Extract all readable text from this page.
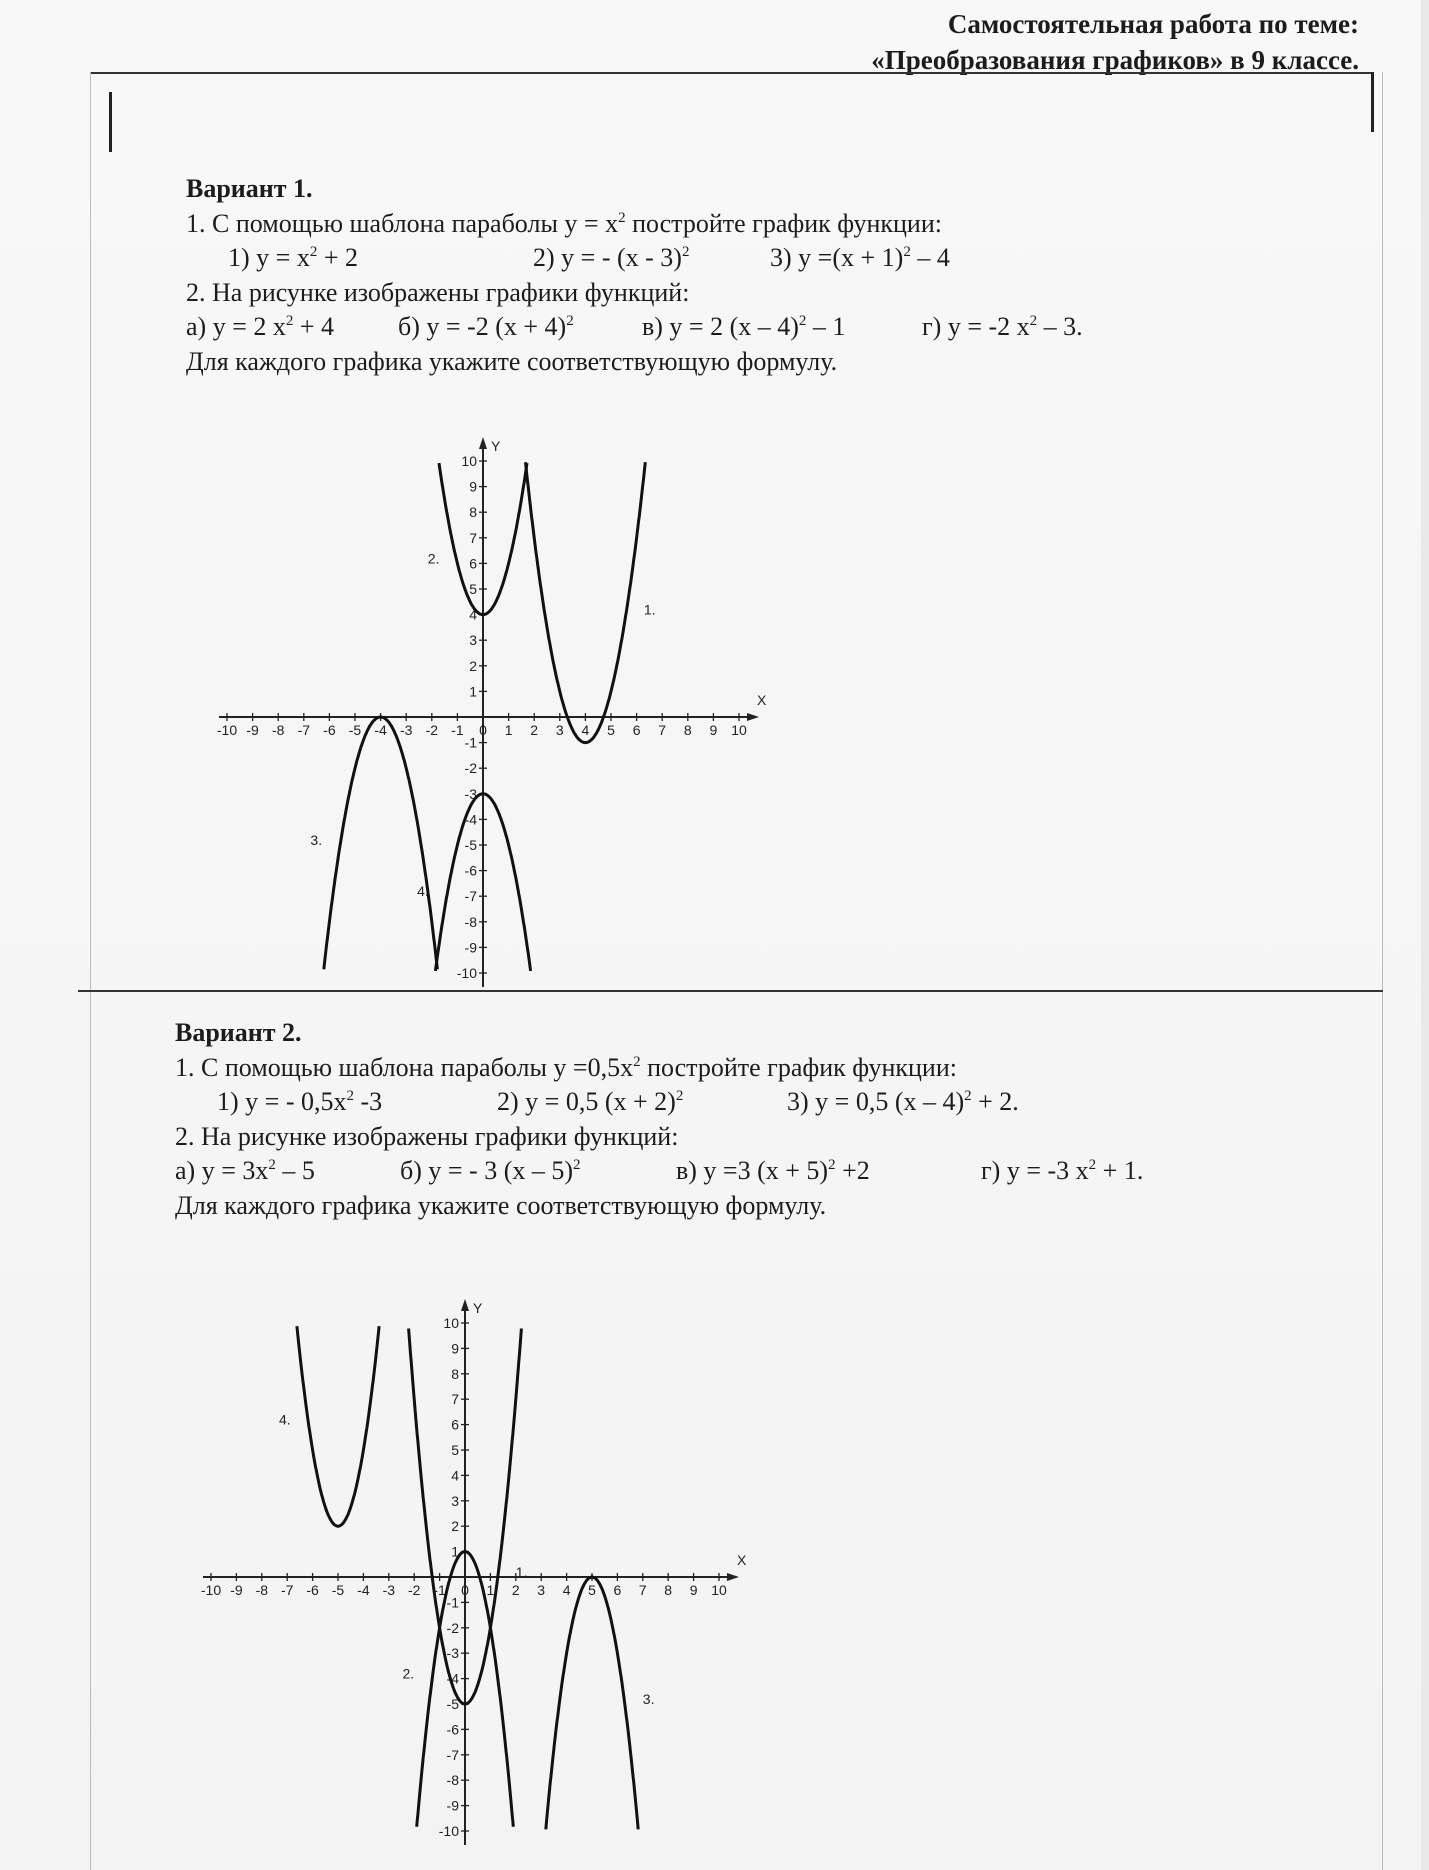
Самостоятельная работа по теме:
«Преобразования графиков» в 9 классе.
Вариант 1.
1. С помощью шаблона параболы $y = x^2$ постройте график функции:
1) $y = x^2 + 2$	2) y = - (x - 3)$^2$	3) $y =(x + 1)^2 - 4$
2. На рисунке изображены графики функций:
а) y = 2 $x^2 + 4$ б) y = -2 $(x + 4)^2$	в) y = 2 (x – 4)$^2$ – 1	г) y = -2 $x^2 - 3$.
Для каждого графика укажите соответствующую формулу.
X
Y
-10 -9 -8 -7 -6 -5 -4 -3 -2 -1 0 1 2 3 4 5 6 7 8 9 10
10
9
8
7
6
5
4
3
2
1
-1
-2
-3
-4
-5
-6
-7
-8
-9
-10
1.
2.
3.
4.
Вариант 2.
1. С помощью шаблона параболы $y =0,5x^2$ постройте график функции:
1) y = - $0,5x^2$ -3	2) y = 0,5 $(x + 2)^2$	3) y = 0,5 (x – 4)$^2$ + 2.
2. На рисунке изображены графики функций:
а) $y = 3x^2 - 5$	б) y = - 3 (x – 5)$^2$	в) y =3 $(x + 5)^2 +2$	г) y = -3 $x^2 + 1$.
Для каждого графика укажите соответствующую формулу.
X
Y
-10 -9 -8 -7 -6 -5 -4 -3 -2 -1 0 1 2 3 4 5 6 7 8 9 10
10
9
8
7
6
5
4
3
2
1
-1
-2
-3
-4
-5
-6
-7
-8
-9
-10
1.
2.
3.
4.
